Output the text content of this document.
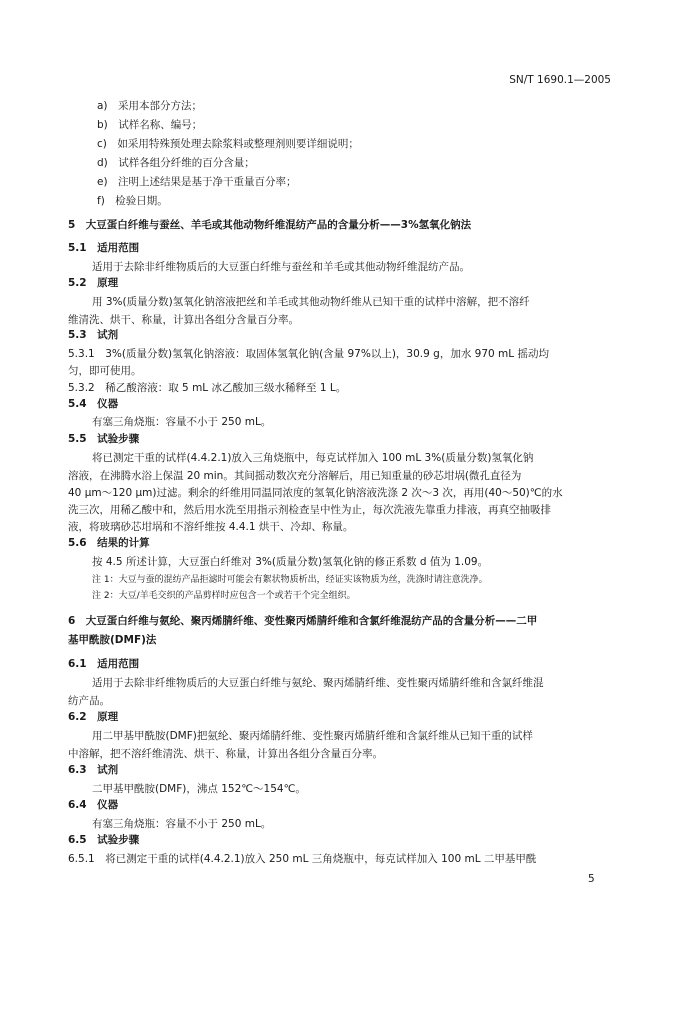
SN/T 1690.1—2005
a)　采用本部分方法；
b)　试样名称、编号；
c)　如采用特殊预处理去除浆料或整理剂则要详细说明；
d)　试样各组分纤维的百分含量；
e)　注明上述结果是基于净干重量百分率；
f)　检验日期。
5　大豆蛋白纤维与蚕丝、羊毛或其他动物纤维混纺产品的含量分析——3%氢氧化钠法
5.1　适用范围
适用于去除非纤维物质后的大豆蛋白纤维与蚕丝和羊毛或其他动物纤维混纺产品。
5.2　原理
用 3%(质量分数)氢氧化钠溶液把丝和羊毛或其他动物纤维从已知干重的试样中溶解，把不溶纤
维清洗、烘干、称量，计算出各组分含量百分率。
5.3　试剂
5.3.1　3%(质量分数)氢氧化钠溶液：取固体氢氧化钠(含量 97%以上)，30.9 g，加水 970 mL 摇动均
匀，即可使用。
5.3.2　稀乙酸溶液：取 5 mL 冰乙酸加三级水稀释至 1 L。
5.4　仪器
有塞三角烧瓶：容量不小于 250 mL。
5.5　试验步骤
将已测定干重的试样(4.4.2.1)放入三角烧瓶中，每克试样加入 100 mL 3%(质量分数)氢氧化钠
溶液，在沸腾水浴上保温 20 min。其间摇动数次充分溶解后，用已知重量的砂芯坩埚(微孔直径为
40 μm～120 μm)过滤。剩余的纤维用同温同浓度的氢氧化钠溶液洗涤 2 次～3 次，再用(40～50)℃的水
洗三次，用稀乙酸中和，然后用水洗至用指示剂检查呈中性为止，每次洗液先靠重力排液，再真空抽吸排
液，将玻璃砂芯坩埚和不溶纤维按 4.4.1 烘干、冷却、称量。
5.6　结果的计算
按 4.5 所述计算，大豆蛋白纤维对 3%(质量分数)氢氧化钠的修正系数 d 值为 1.09。
注 1：大豆与蚕的混纺产品拒滤时可能会有絮状物质析出，经证实该物质为丝，洗涤时请注意洗净。
注 2：大豆/羊毛交织的产品剪样时应包含一个或若干个完全组织。
6　大豆蛋白纤维与氨纶、聚丙烯腈纤维、变性聚丙烯腈纤维和含氯纤维混纺产品的含量分析——二甲
基甲酰胺(DMF)法
6.1　适用范围
适用于去除非纤维物质后的大豆蛋白纤维与氨纶、聚丙烯腈纤维、变性聚丙烯腈纤维和含氯纤维混
纺产品。
6.2　原理
用二甲基甲酰胺(DMF)把氨纶、聚丙烯腈纤维、变性聚丙烯腈纤维和含氯纤维从已知干重的试样
中溶解，把不溶纤维清洗、烘干、称量，计算出各组分含量百分率。
6.3　试剂
二甲基甲酰胺(DMF)，沸点 152℃～154℃。
6.4　仪器
有塞三角烧瓶：容量不小于 250 mL。
6.5　试验步骤
6.5.1　将已测定干重的试样(4.4.2.1)放入 250 mL 三角烧瓶中，每克试样加入 100 mL 二甲基甲酰
5
